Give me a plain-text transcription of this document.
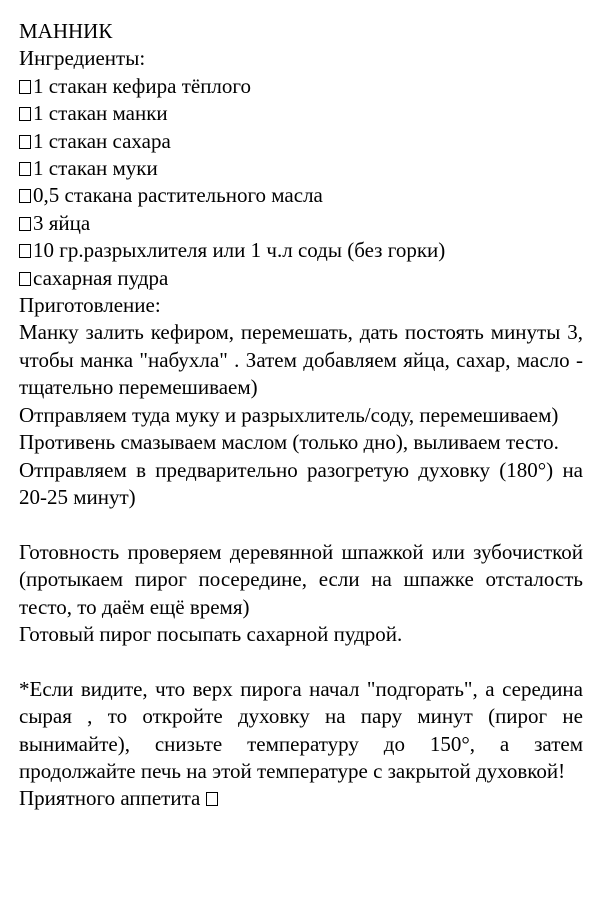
МАННИК
Ингредиенты:
1 стакан кефира тёплого
1 стакан манки
1 стакан сахара
1 стакан муки
0,5 стакана растительного масла
3 яйца
10 гр.разрыхлителя или 1 ч.л соды (без горки)
сахарная пудра
Приготовление:
Манку залить кефиром, перемешать, дать постоять минуты 3, чтобы манка "набухла" . Затем добавляем яйца, сахар, масло - тщательно перемешиваем)
Отправляем туда муку и разрыхлитель/соду, перемешиваем)
Противень смазываем маслом (только дно), выливаем тесто.
Отправляем в предварительно разогретую духовку (180°) на 20-25 минут)
Готовность проверяем деревянной шпажкой или зубочисткой (протыкаем пирог посередине, если на шпажке отсталость тесто, то даём ещё время)
Готовый пирог посыпать сахарной пудрой.
*Если видите, что верх пирога начал "подгорать", а середина сырая , то откройте духовку на пару минут (пирог не вынимайте), снизьте температуру до 150°, а затем продолжайте печь на этой температуре с закрытой духовкой!
Приятного аппетита
